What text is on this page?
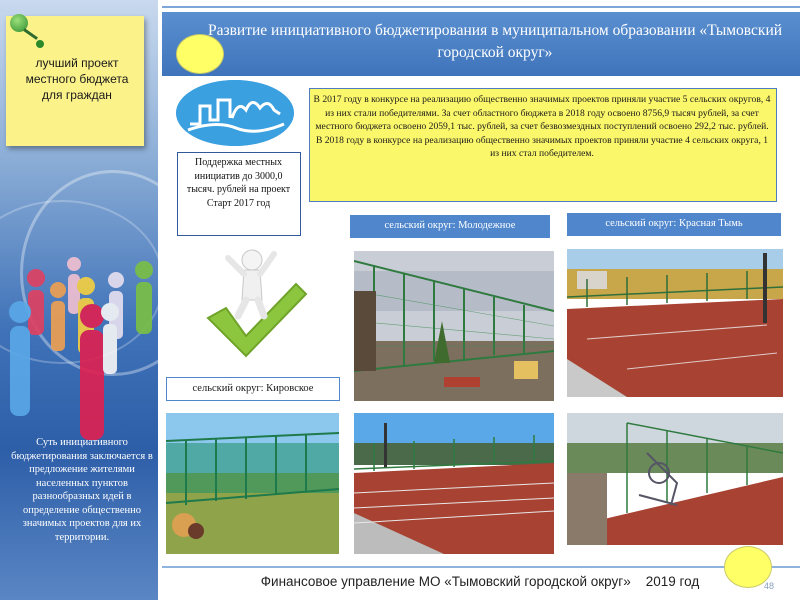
лучший проект местного бюджета для граждан
Суть инициативного бюджетирования заключается в предложение жителями населенных пунктов разнообразных идей в определение общественно значимых проектов для их территории.
Развитие инициативного бюджетирования в муниципальном образовании «Тымовский городской округ»
Поддержка местных инициатив до 3000,0 тысяч. рублей на проект Старт 2017 год
В 2017 году в конкурсе на реализацию общественно значимых проектов приняли участие 5 сельских округов, 4 из них стали победителями. За счет областного бюджета в 2018 году освоено 8756,9 тысяч рублей, за счет местного бюджета освоено 2059,1 тыс. рублей, за счет безвозмездных поступлений освоено 292,2 тыс. рублей. В 2018 году в конкурсе на реализацию общественно значимых проектов приняли участие 4 сельских округа, 1 из них стал победителем.
сельский округ: Молодежное	сельский округ: Красная Тымь
сельский округ: Кировское
Финансовое управление МО «Тымовский городской округ»    2019 год	48
